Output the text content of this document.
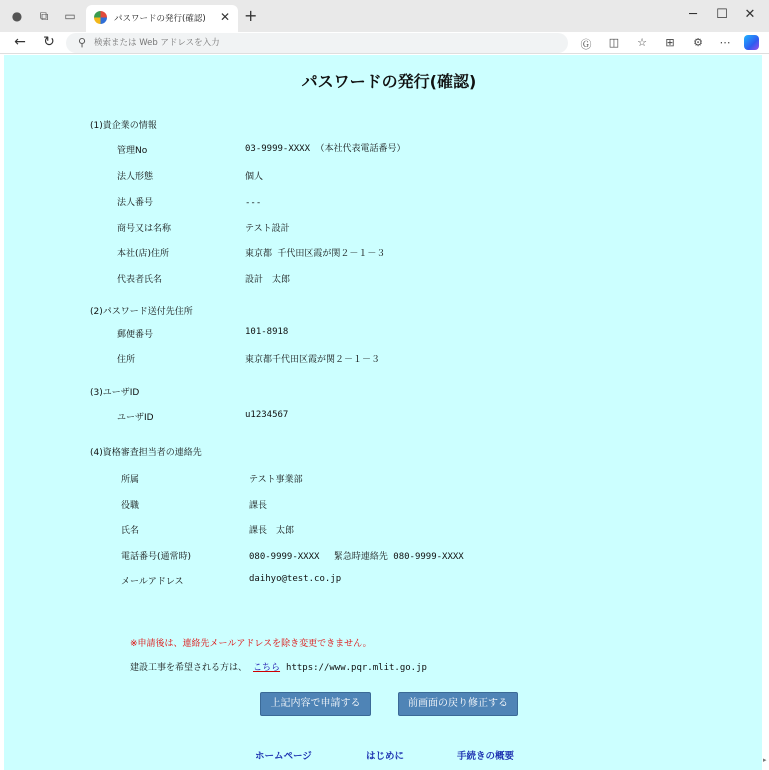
● ⧉ ▭	パスワードの発行(確認) ✕ +	─	☐ ✕
← ↻ ⚲
検索または Web アドレスを入力	Ⓖ ◫ ☆	⊞	⚙ ⋯
パスワードの発行(確認)
(1)貴企業の情報
管理No	03-9999-XXXX （本社代表電話番号）
法人形態	個人
法人番号	---
商号又は名称	テスト設計
本社(店)住所	東京都 千代田区霞が関２－１－３
代表者氏名	設計　太郎
(2)パスワード送付先住所
郵便番号	101-8918
住所	東京都千代田区霞が関２－１－３
(3)ユーザID
ユーザID	u1234567
(4)資格審査担当者の連絡先
所属	テスト事業部
役職	課長
氏名	課長　太郎
電話番号(通常時)	080-9999-XXXX　 緊急時連絡先 080-9999-XXXX
メールアドレス	daihyo@test.co.jp
※申請後は、連絡先メールアドレスを除き変更できません。
建設工事を希望される方は、 こちら https://www.pqr.mlit.go.jp
上記内容で申請する	前画面の戻り修正する
ホームページ	はじめに	手続きの概要	▸
